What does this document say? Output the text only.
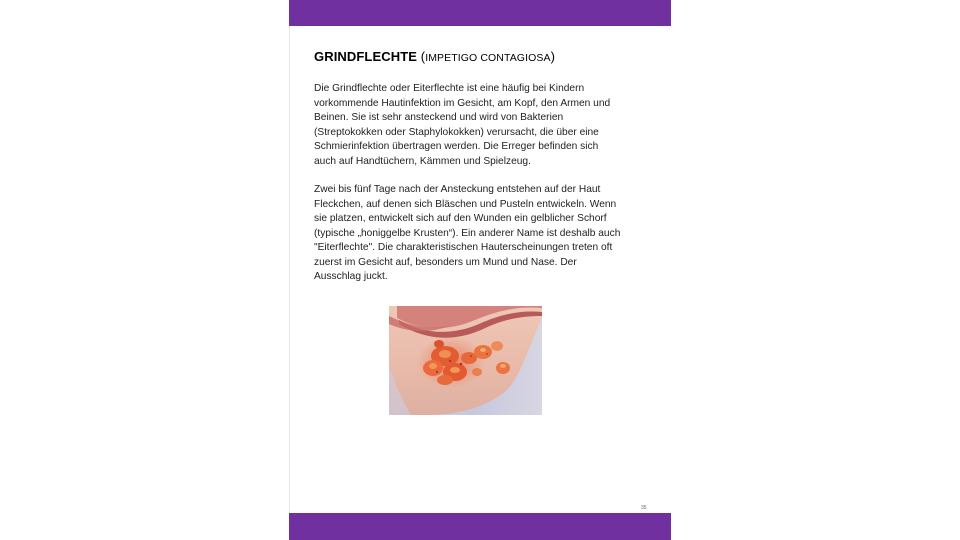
GRINDFLECHTE (IMPETIGO CONTAGIOSA)

Die Grindflechte oder Eiterflechte ist eine häufig bei Kindern
vorkommende Hautinfektion im Gesicht, am Kopf, den Armen und
Beinen. Sie ist sehr ansteckend und wird von Bakterien
(Streptokokken oder Staphylokokken) verursacht, die über eine
Schmierinfektion übertragen werden. Die Erreger befinden sich
auch auf Handtüchern, Kämmen und Spielzeug.

Zwei bis fünf Tage nach der Ansteckung entstehen auf der Haut
Fleckchen, auf denen sich Bläschen und Pusteln entwickeln. Wenn
sie platzen, entwickelt sich auf den Wunden ein gelblicher Schorf
(typische „honiggelbe Krusten“). Ein anderer Name ist deshalb auch
"Eiterflechte". Die charakteristischen Hauterscheinungen treten oft
zuerst im Gesicht auf, besonders um Mund und Nase. Der
Ausschlag juckt.

35
